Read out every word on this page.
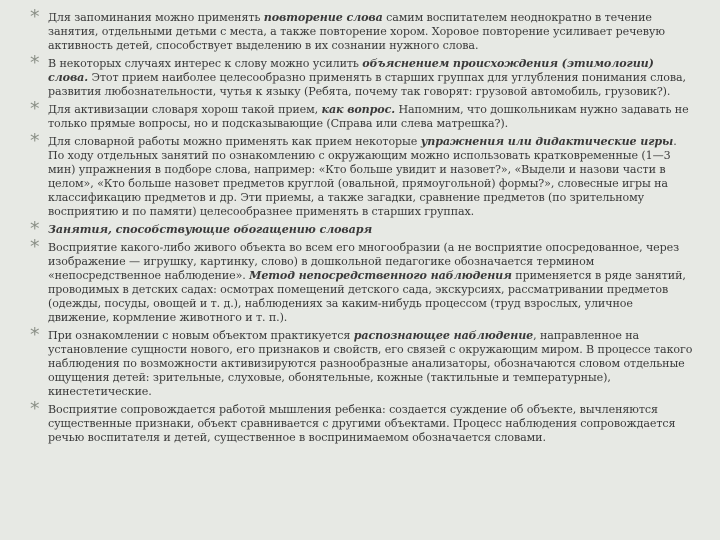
* Для запоминания можно применять повторение слова самим воспитателем неоднократно в течение занятия, отдельными детьми с места, а также повторение хором. Хоровое повторение усиливает речевую активность детей, способствует выделению в их сознании нужного слова.
* В некоторых случаях интерес к слову можно усилить объяснением происхождения (этимологии) слова. Этот прием наиболее целесообразно применять в старших группах для углубления понимания слова, развития любознательности, чутья к языку (Ребята, почему так говорят: грузовой автомобиль, грузовик?).
* Для активизации словаря хорош такой прием, как вопрос. Напомним, что дошкольникам нужно задавать не только прямые вопросы, но и подсказывающие (Справа или слева матрешка?).
* Для словарной работы можно применять как прием некоторые упражнения или дидактические игры. По ходу отдельных занятий по ознакомлению с окружающим можно использовать кратковременные (1—3 мин) упражнения в подборе слова, например: «Кто больше увидит и назовет?», «Выдели и назови части в целом», «Кто больше назовет предметов круглой (овальной, прямоугольной) формы?», словесные игры на классификацию предметов и др. Эти приемы, а также загадки, сравнение предметов (по зрительному восприятию и по памяти) целесообразнее применять в старших группах.
* Занятия, способствующие обогащению словаря
* Восприятие какого-либо живого объекта во всем его многообразии (а не восприятие опосредованное, через изображение — игрушку, картинку, слово) в дошкольной педагогике обозначается термином «непосредственное наблюдение». Метод непосредственного наблюдения применяется в ряде занятий, проводимых в детских садах: осмотрах помещений детского сада, экскурсиях, рассматривании предметов (одежды, посуды, овощей и т. д.), наблюдениях за каким-нибудь процессом (труд взрослых, уличное движение, кормление животного и т. п.).
* При ознакомлении с новым объектом практикуется распознающее наблюдение, направленное на установление сущности нового, его признаков и свойств, его связей с окружающим миром. В процессе такого наблюдения по возможности активизируются разнообразные анализаторы, обозначаются словом отдельные ощущения детей: зрительные, слуховые, обонятельные, кожные (тактильные и температурные), кинестетические.
* Восприятие сопровождается работой мышления ребенка: создается суждение об объекте, вычленяются существенные признаки, объект сравнивается с другими объектами. Процесс наблюдения сопровождается речью воспитателя и детей, существенное в воспринимаемом обозначается словами.
